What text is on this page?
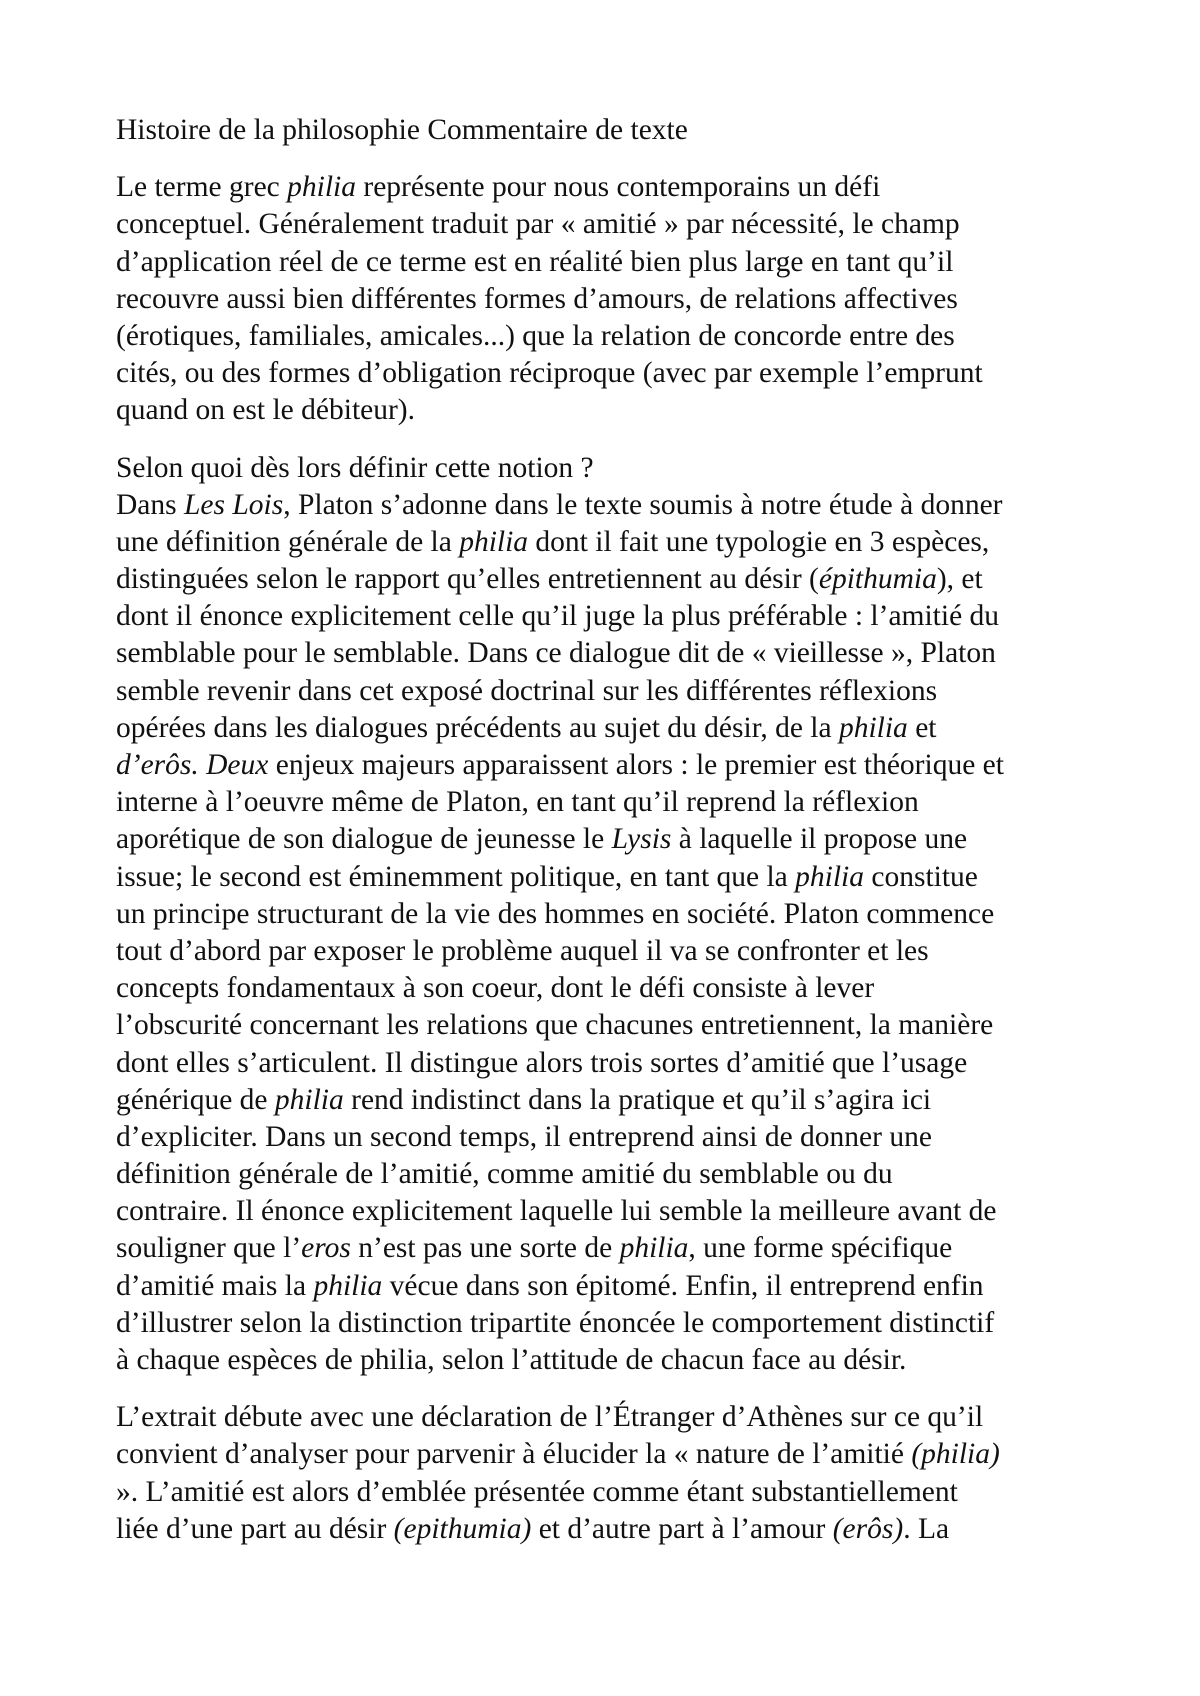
Histoire de la philosophie Commentaire de texte
Le terme grec philia représente pour nous contemporains un défi
conceptuel. Généralement traduit par « amitié » par nécessité, le champ
d’application réel de ce terme est en réalité bien plus large en tant qu’il
recouvre aussi bien différentes formes d’amours, de relations affectives
(érotiques, familiales, amicales...) que la relation de concorde entre des
cités, ou des formes d’obligation réciproque (avec par exemple l’emprunt
quand on est le débiteur).
Selon quoi dès lors définir cette notion ?
Dans Les Lois, Platon s’adonne dans le texte soumis à notre étude à donner
une définition générale de la philia dont il fait une typologie en 3 espèces,
distinguées selon le rapport qu’elles entretiennent au désir (épithumia), et
dont il énonce explicitement celle qu’il juge la plus préférable : l’amitié du
semblable pour le semblable. Dans ce dialogue dit de « vieillesse », Platon
semble revenir dans cet exposé doctrinal sur les différentes réflexions
opérées dans les dialogues précédents au sujet du désir, de la philia et
d’erôs. Deux enjeux majeurs apparaissent alors : le premier est théorique et
interne à l’oeuvre même de Platon, en tant qu’il reprend la réflexion
aporétique de son dialogue de jeunesse le Lysis à laquelle il propose une
issue; le second est éminemment politique, en tant que la philia constitue
un principe structurant de la vie des hommes en société. Platon commence
tout d’abord par exposer le problème auquel il va se confronter et les
concepts fondamentaux à son coeur, dont le défi consiste à lever
l’obscurité concernant les relations que chacunes entretiennent, la manière
dont elles s’articulent. Il distingue alors trois sortes d’amitié que l’usage
générique de philia rend indistinct dans la pratique et qu’il s’agira ici
d’expliciter. Dans un second temps, il entreprend ainsi de donner une
définition générale de l’amitié, comme amitié du semblable ou du
contraire. Il énonce explicitement laquelle lui semble la meilleure avant de
souligner que l’eros n’est pas une sorte de philia, une forme spécifique
d’amitié mais la philia vécue dans son épitomé. Enfin, il entreprend enfin
d’illustrer selon la distinction tripartite énoncée le comportement distinctif
à chaque espèces de philia, selon l’attitude de chacun face au désir.
L’extrait débute avec une déclaration de l’Étranger d’Athènes sur ce qu’il
convient d’analyser pour parvenir à élucider la « nature de l’amitié (philia)
». L’amitié est alors d’emblée présentée comme étant substantiellement
liée d’une part au désir (epithumia) et d’autre part à l’amour (erôs). La
